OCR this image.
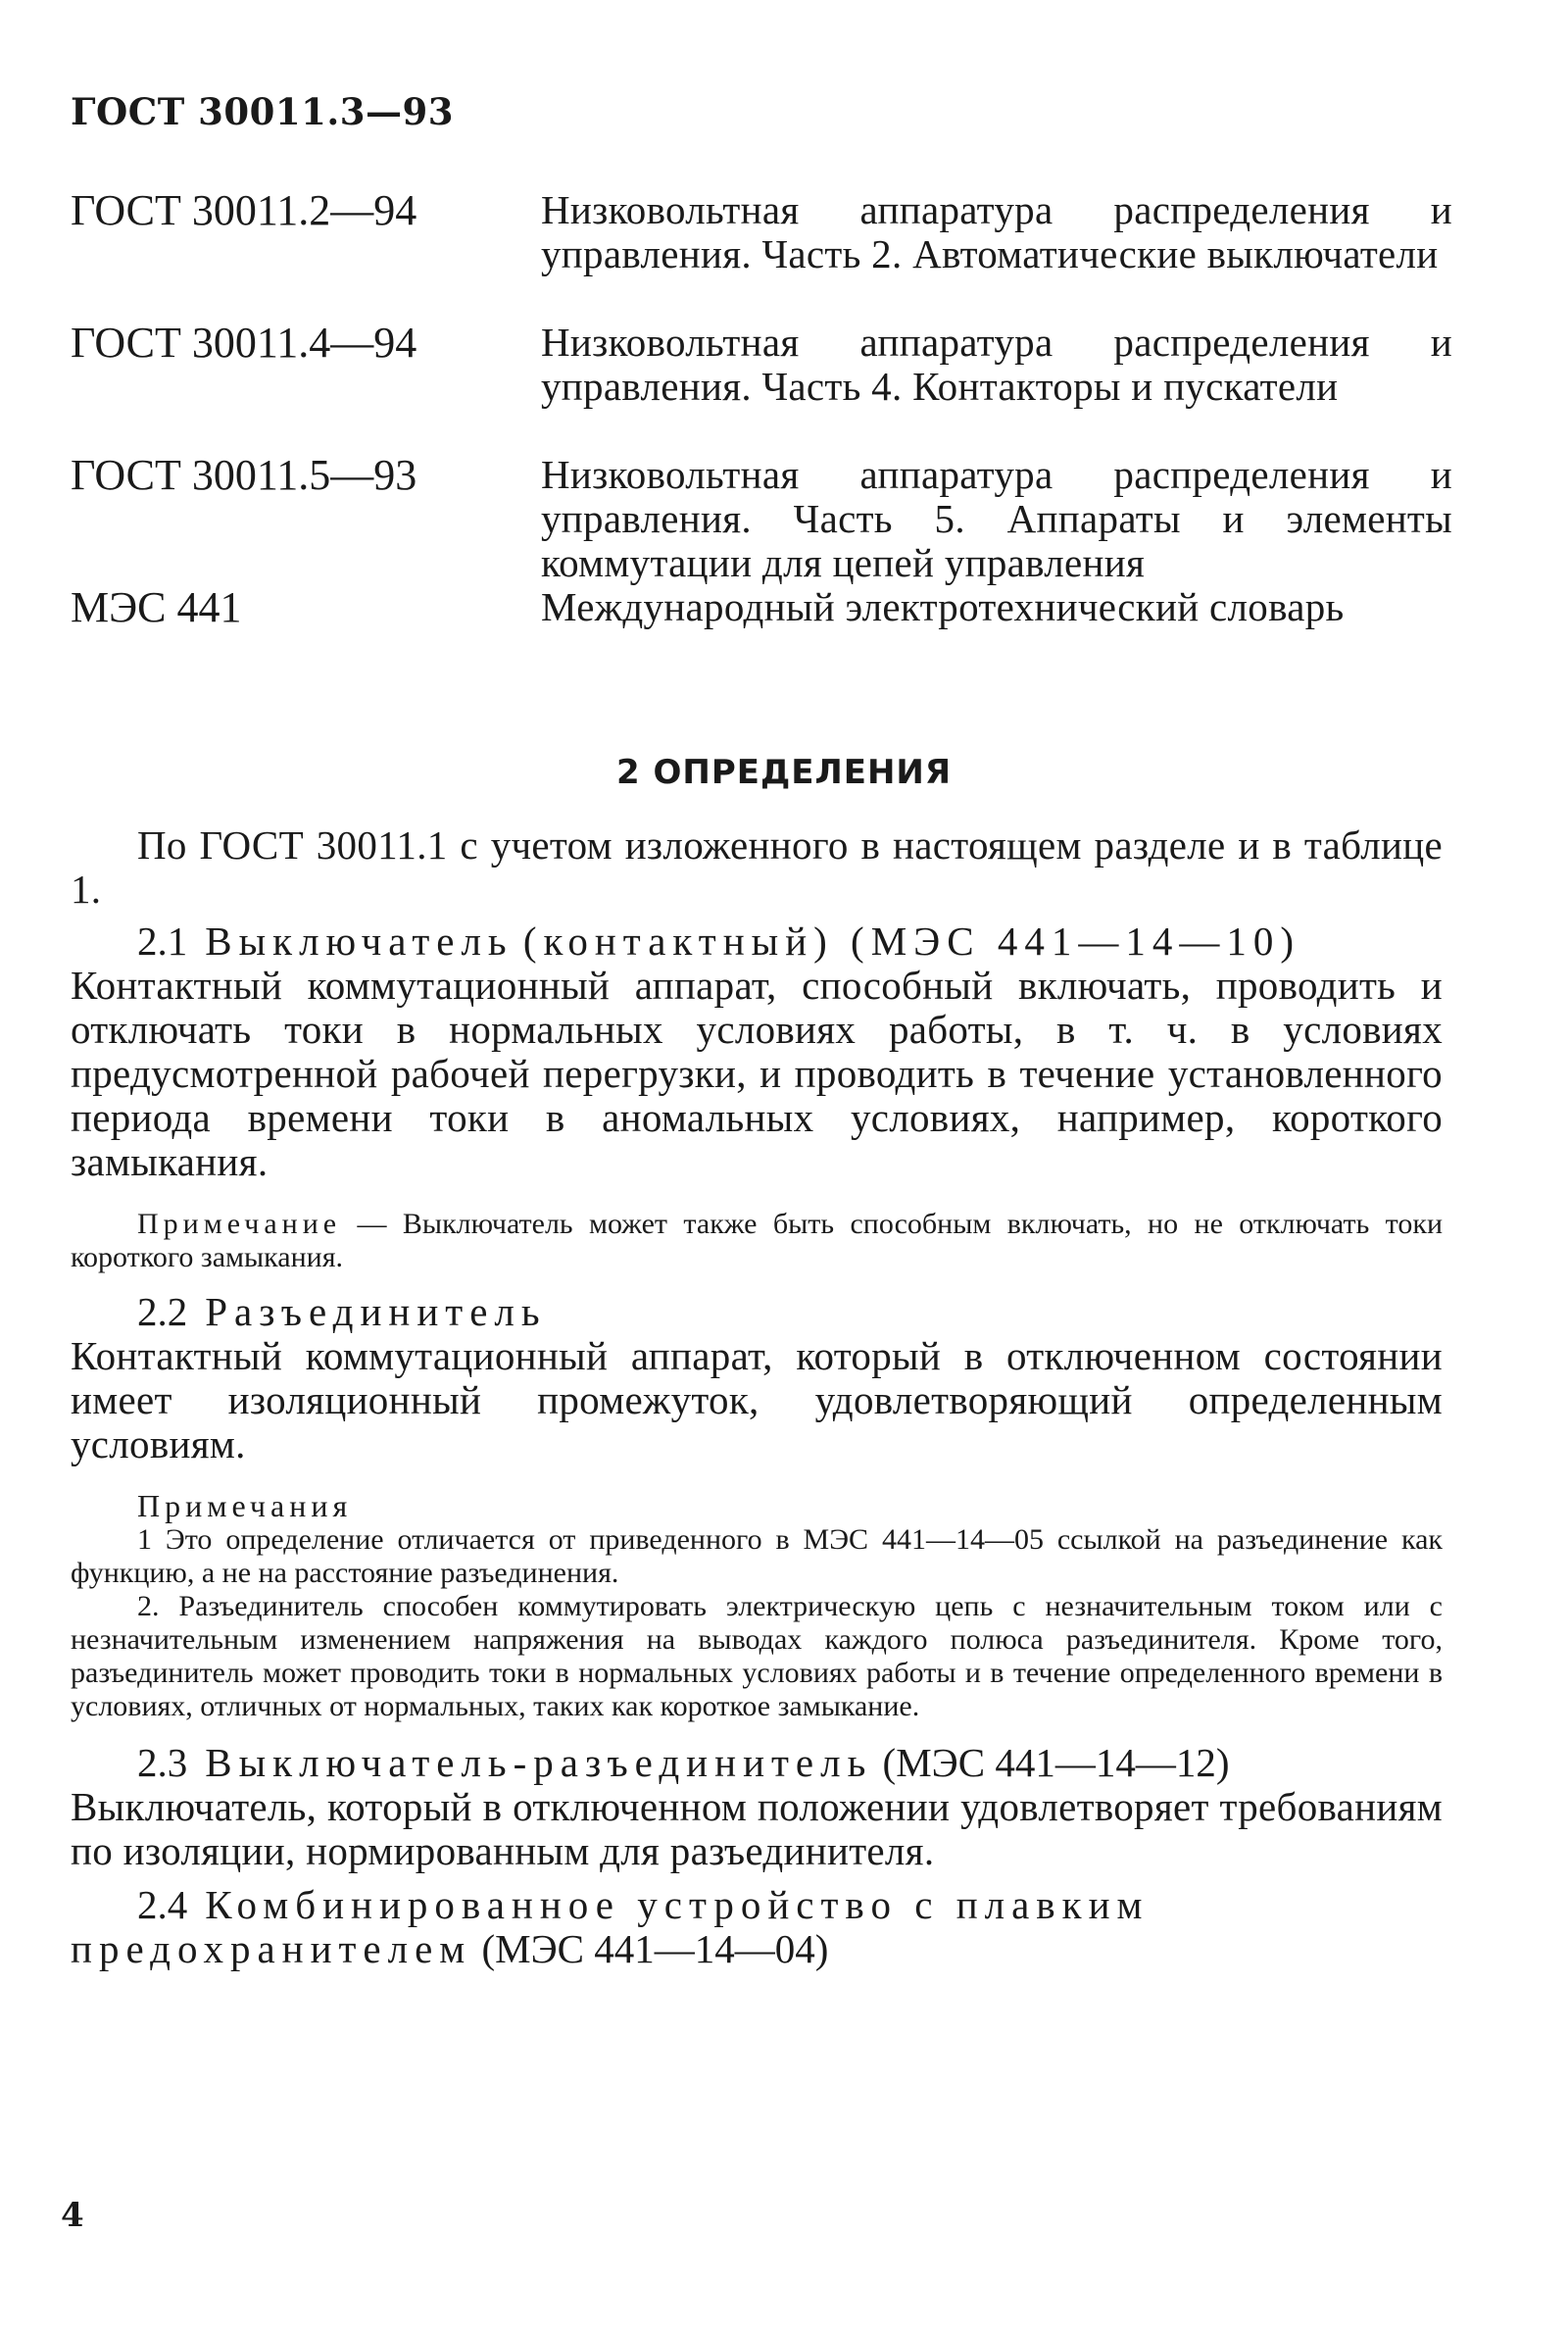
ГОСТ 30011.3—93
ГОСТ 30011.2—94	Низковольтная аппаратура распределения и управления. Часть 2. Автоматические выключатели
ГОСТ 30011.4—94	Низковольтная аппаратура распределения и управления. Часть 4. Контакторы и пускатели
ГОСТ 30011.5—93	Низковольтная аппаратура распределения и управления. Часть 5. Аппараты и элементы коммутации для цепей управления
МЭС 441	Международный электротехнический словарь
2 ОПРЕДЕЛЕНИЯ

По ГОСТ 30011.1 с учетом изложенного в настоящем разделе и в таблице 1.

2.1 Выключатель (контактный) (МЭС 441—14—10)

Контактный коммутационный аппарат, способный включать, проводить и отключать токи в нормальных условиях работы, в т. ч. в условиях предусмотренной рабочей перегрузки, и проводить в течение установленного периода времени токи в аномальных условиях, например, короткого замыкания.

Примечание — Выключатель может также быть способным включать, но не отключать токи короткого замыкания.

2.2 Разъединитель

Контактный коммутационный аппарат, который в отключенном состоянии имеет изоляционный промежуток, удовлетворяющий определенным условиям.

Примечания

1 Это определение отличается от приведенного в МЭС 441—14—05 ссылкой на разъединение как функцию, а не на расстояние разъединения.

2. Разъединитель способен коммутировать электрическую цепь с незначительным током или с незначительным изменением напряжения на выводах каждого полюса разъединителя. Кроме того, разъединитель может проводить токи в нормальных условиях работы и в течение определенного времени в условиях, отличных от нормальных, таких как короткое замыкание.

2.3 Выключатель-разъединитель (МЭС 441—14—12)

Выключатель, который в отключенном положении удовлетворяет требованиям по изоляции, нормированным для разъединителя.

2.4 Комбинированное устройство с плавким предохранителем (МЭС 441—14—04)

4
